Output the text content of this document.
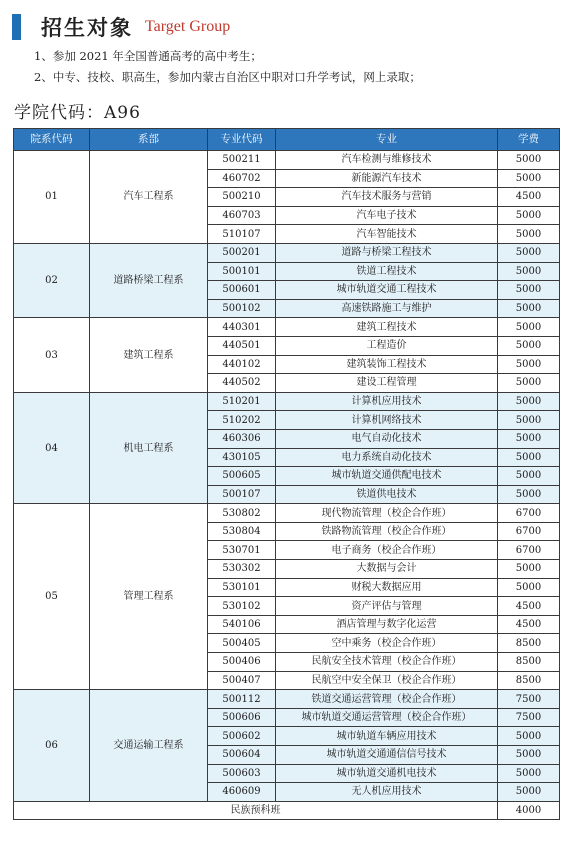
招生对象 Target Group
1、参加 2021 年全国普通高考的高中考生；
2、中专、技校、职高生，参加内蒙古自治区中职对口升学考试，网上录取；
学院代码：A96
院系代码	系部	专业代码	专业	学费
01	汽车工程系	500211	汽车检测与维修技术	5000
		460702	新能源汽车技术	5000
		500210	汽车技术服务与营销	4500
		460703	汽车电子技术	5000
		510107	汽车智能技术	5000
02	道路桥梁工程系	500201	道路与桥梁工程技术	5000
		500101	铁道工程技术	5000
		500601	城市轨道交通工程技术	5000
		500102	高速铁路施工与维护	5000
03	建筑工程系	440301	建筑工程技术	5000
		440501	工程造价	5000
		440102	建筑装饰工程技术	5000
		440502	建设工程管理	5000
04	机电工程系	510201	计算机应用技术	5000
		510202	计算机网络技术	5000
		460306	电气自动化技术	5000
		430105	电力系统自动化技术	5000
		500605	城市轨道交通供配电技术	5000
		500107	铁道供电技术	5000
05	管理工程系	530802	现代物流管理（校企合作班）	6700
		530804	铁路物流管理（校企合作班）	6700
		530701	电子商务（校企合作班）	6700
		530302	大数据与会计	5000
		530101	财税大数据应用	5000
		530102	资产评估与管理	4500
		540106	酒店管理与数字化运营	4500
		500405	空中乘务（校企合作班）	8500
		500406	民航安全技术管理（校企合作班）	8500
		500407	民航空中安全保卫（校企合作班）	8500
06	交通运输工程系	500112	铁道交通运营管理（校企合作班）	7500
		500606	城市轨道交通运营管理（校企合作班）	7500
		500602	城市轨道车辆应用技术	5000
		500604	城市轨道交通通信信号技术	5000
		500603	城市轨道交通机电技术	5000
		460609	无人机应用技术	5000
民族预科班				4000
